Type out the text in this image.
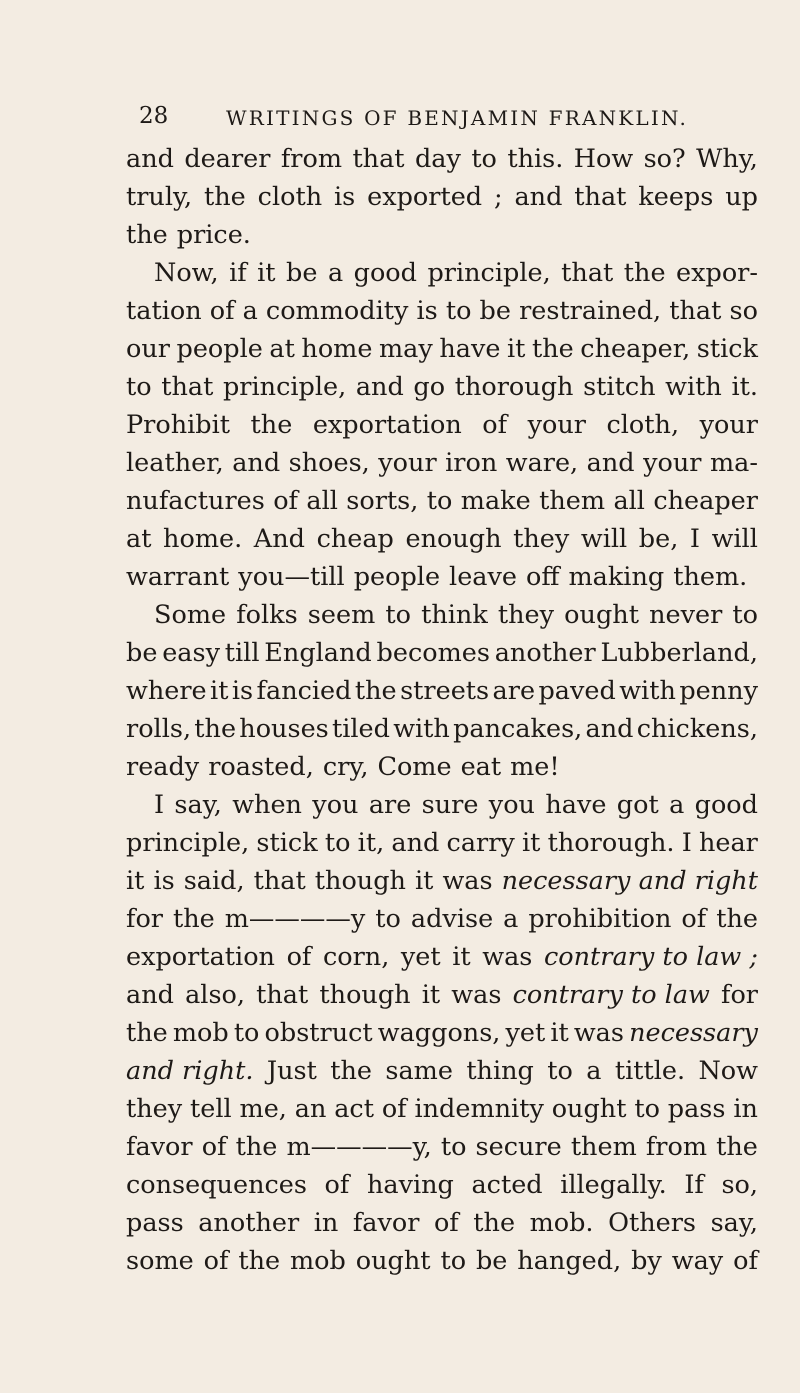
28	WRITINGS OF BENJAMIN FRANKLIN.
and dearer from that day to this. How so? Why,
truly, the cloth is exported ; and that keeps up
the price.
Now, if it be a good principle, that the expor-
tation of a commodity is to be restrained, that so
our people at home may have it the cheaper, stick
to that principle, and go thorough stitch with it.
Prohibit the exportation of your cloth, your
leather, and shoes, your iron ware, and your ma-
nufactures of all sorts, to make them all cheaper
at home. And cheap enough they will be, I will
warrant you—till people leave off making them.
Some folks seem to think they ought never to
be easy till England becomes another Lubberland,
where it is fancied the streets are paved with penny
rolls, the houses tiled with pancakes, and chickens,
ready roasted, cry, Come eat me!
I say, when you are sure you have got a good
principle, stick to it, and carry it thorough. I hear
it is said, that though it was necessary and right
for the m————y to advise a prohibition of the
exportation of corn, yet it was contrary to law ;
and also, that though it was contrary to law for
the mob to obstruct waggons, yet it was necessary
and right. Just the same thing to a tittle. Now
they tell me, an act of indemnity ought to pass in
favor of the m————y, to secure them from the
consequences of having acted illegally. If so,
pass another in favor of the mob. Others say,
some of the mob ought to be hanged, by way of
